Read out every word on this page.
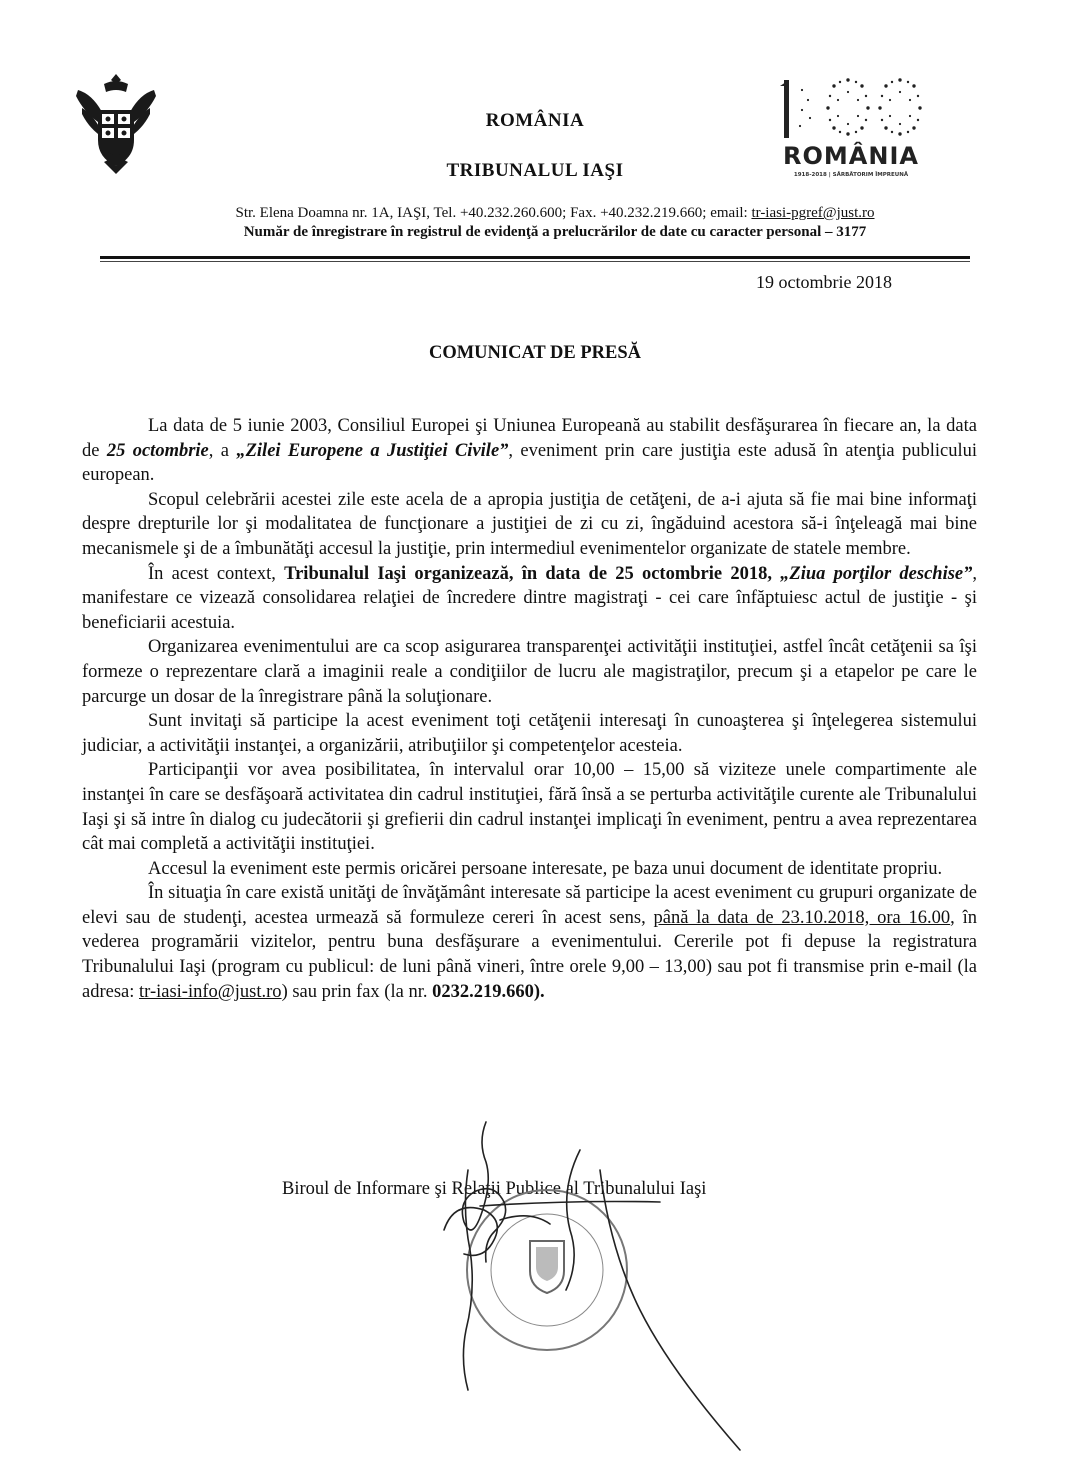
ROMÂNIA
1918-2018 | SĂRBĂTORIM ÎMPREUNĂ
ROMÂNIA
TRIBUNALUL IAŞI
Str. Elena Doamna nr. 1A, IAŞI, Tel. +40.232.260.600; Fax. +40.232.219.660; email: tr-iasi-pgref@just.ro
Număr de înregistrare în registrul de evidenţă a prelucrărilor de date cu caracter personal – 3177
19 octombrie 2018
COMUNICAT DE PRESĂ

La data de 5 iunie 2003, Consiliul Europei şi Uniunea Europeană au stabilit desfăşurarea în fiecare an, la data de 25 octombrie, a „Zilei Europene a Justiţiei Civile”, eveniment prin care justiţia este adusă în atenţia publicului european.

Scopul celebrării acestei zile este acela de a apropia justiţia de cetăţeni, de a-i ajuta să fie mai bine informaţi despre drepturile lor şi modalitatea de funcţionare a justiţiei de zi cu zi, îngăduind acestora să-i înţeleagă mai bine mecanismele şi de a îmbunătăţi accesul la justiţie, prin intermediul evenimentelor organizate de statele membre.

În acest context, Tribunalul Iaşi organizează, în data de 25 octombrie 2018, „Ziua porţilor deschise”, manifestare ce vizează consolidarea relaţiei de încredere dintre magistraţi - cei care înfăptuiesc actul de justiţie - şi beneficiarii acestuia.

Organizarea evenimentului are ca scop asigurarea transparenţei activităţii instituţiei, astfel încât cetăţenii sa îşi formeze o reprezentare clară a imaginii reale a condiţiilor de lucru ale magistraţilor, precum şi a etapelor pe care le parcurge un dosar de la înregistrare până la soluţionare.

Sunt invitaţi să participe la acest eveniment toţi cetăţenii interesaţi în cunoaşterea şi înţelegerea sistemului judiciar, a activităţii instanţei, a organizării, atribuţiilor şi competenţelor acesteia.

Participanţii vor avea posibilitatea, în intervalul orar 10,00 – 15,00 să viziteze unele compartimente ale instanţei în care se desfăşoară activitatea din cadrul instituţiei, fără însă a se perturba activităţile curente ale Tribunalului Iaşi şi să intre în dialog cu judecătorii şi grefierii din cadrul instanţei implicaţi în eveniment, pentru a avea reprezentarea cât mai completă a activităţii instituţiei.

Accesul la eveniment este permis oricărei persoane interesate, pe baza unui document de identitate propriu.

În situaţia în care există unităţi de învăţământ interesate să participe la acest eveniment cu grupuri organizate de elevi sau de studenţi, acestea urmează să formuleze cereri în acest sens, până la data de 23.10.2018, ora 16.00, în vederea programării vizitelor, pentru buna desfăşurare a evenimentului. Cererile pot fi depuse la registratura Tribunalului Iaşi (program cu publicul: de luni până vineri, între orele 9,00 – 13,00) sau pot fi transmise prin e-mail (la adresa: tr-iasi-info@just.ro) sau prin fax (la nr. 0232.219.660).

Biroul de Informare şi Relaţii Publice al Tribunalului Iaşi
